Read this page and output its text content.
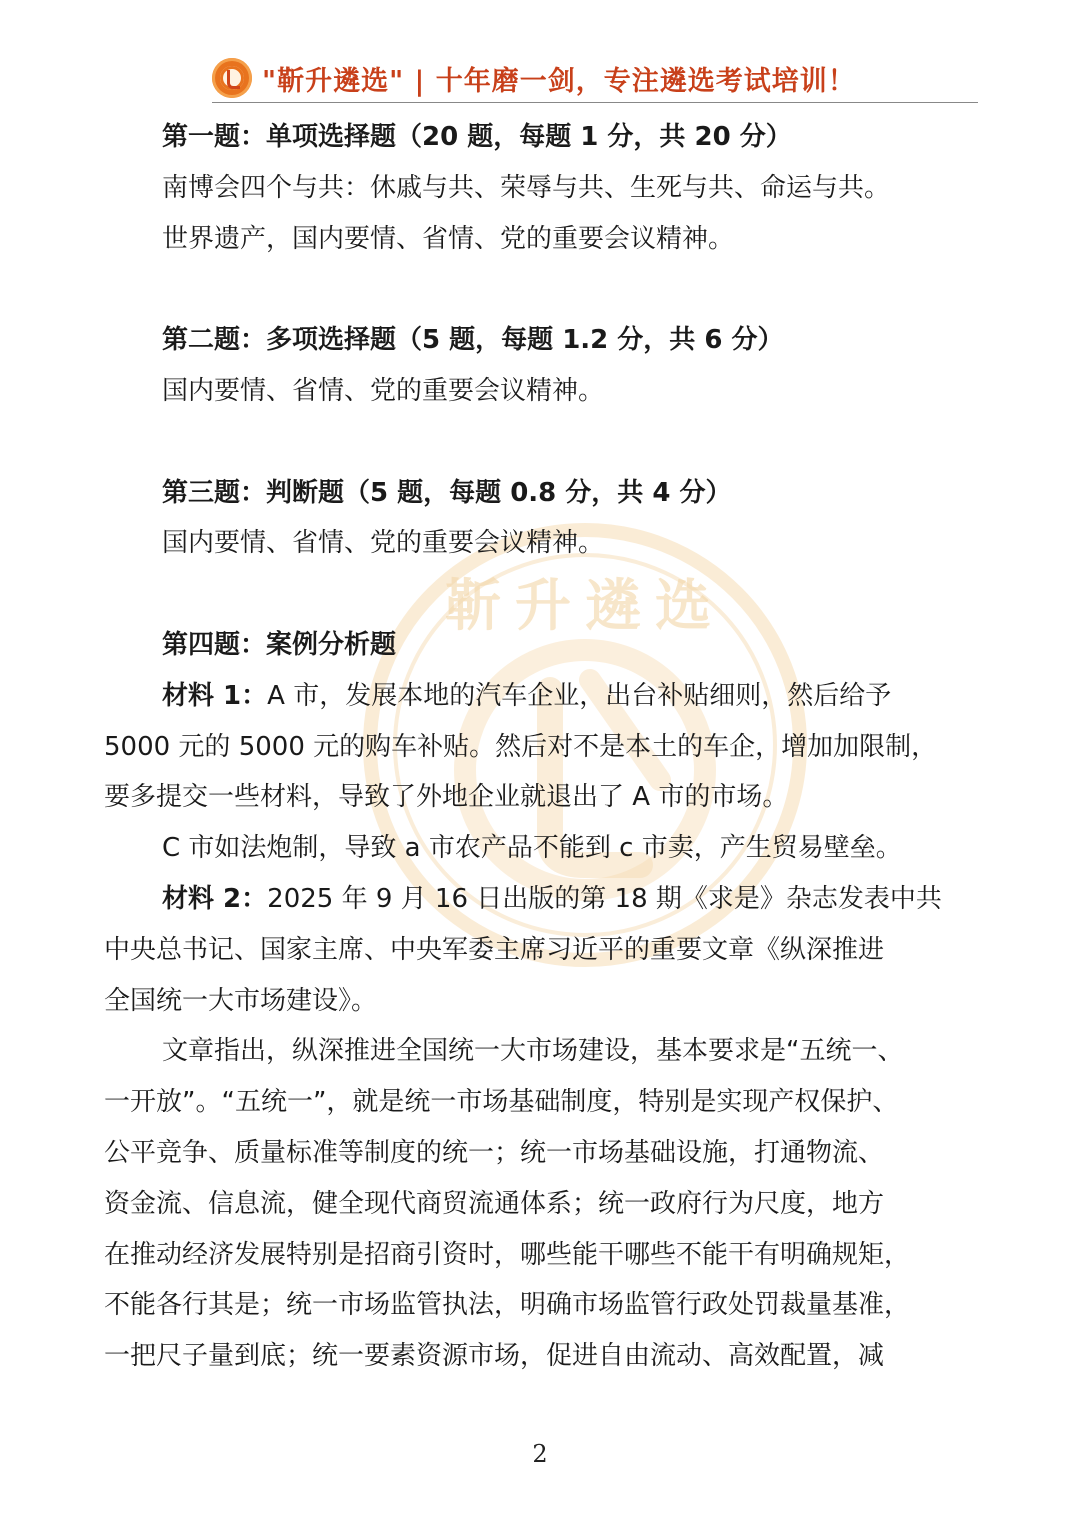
"靳升遴选" | 十年磨一剑，专注遴选考试培训！
靳升遴选
第一题：单项选择题（20 题，每题 1 分，共 20 分）
南博会四个与共：休戚与共、荣辱与共、生死与共、命运与共。
世界遗产，国内要情、省情、党的重要会议精神。
第二题：多项选择题（5 题，每题 1.2 分，共 6 分）
国内要情、省情、党的重要会议精神。
第三题：判断题（5 题，每题 0.8 分，共 4 分）
国内要情、省情、党的重要会议精神。
第四题：案例分析题
材料 1：A 市，发展本地的汽车企业，出台补贴细则，然后给予
5000 元的 5000 元的购车补贴。然后对不是本土的车企，增加加限制，
要多提交一些材料，导致了外地企业就退出了 A 市的市场。
C 市如法炮制，导致 a 市农产品不能到 c 市卖，产生贸易壁垒。
材料 2：2025 年 9 月 16 日出版的第 18 期《求是》杂志发表中共
中央总书记、国家主席、中央军委主席习近平的重要文章《纵深推进
全国统一大市场建设》。
文章指出，纵深推进全国统一大市场建设，基本要求是“五统一、
一开放”。“五统一”，就是统一市场基础制度，特别是实现产权保护、
公平竞争、质量标准等制度的统一；统一市场基础设施，打通物流、
资金流、信息流，健全现代商贸流通体系；统一政府行为尺度，地方
在推动经济发展特别是招商引资时，哪些能干哪些不能干有明确规矩，
不能各行其是；统一市场监管执法，明确市场监管行政处罚裁量基准，
一把尺子量到底；统一要素资源市场，促进自由流动、高效配置，减
2
